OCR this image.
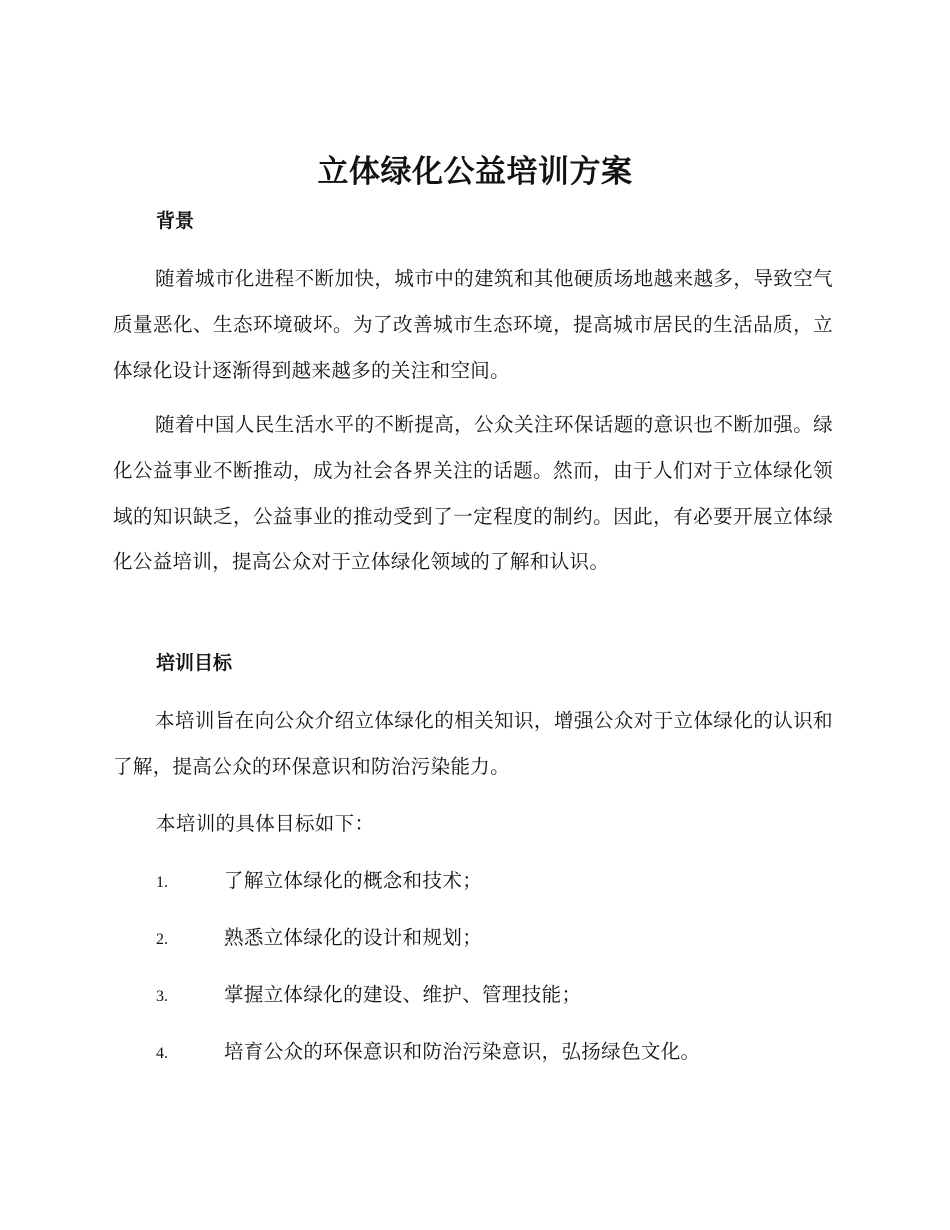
立体绿化公益培训方案
背景

随着城市化进程不断加快，城市中的建筑和其他硬质场地越来越多，导致空气质量恶化、生态环境破坏。为了改善城市生态环境，提高城市居民的生活品质，立体绿化设计逐渐得到越来越多的关注和空间。

随着中国人民生活水平的不断提高，公众关注环保话题的意识也不断加强。绿化公益事业不断推动，成为社会各界关注的话题。然而，由于人们对于立体绿化领域的知识缺乏，公益事业的推动受到了一定程度的制约。因此，有必要开展立体绿化公益培训，提高公众对于立体绿化领域的了解和认识。

培训目标

本培训旨在向公众介绍立体绿化的相关知识，增强公众对于立体绿化的认识和了解，提高公众的环保意识和防治污染能力。

本培训的具体目标如下：

1.	了解立体绿化的概念和技术；
2.	熟悉立体绿化的设计和规划；
3.	掌握立体绿化的建设、维护、管理技能；
4.	培育公众的环保意识和防治污染意识，弘扬绿色文化。
